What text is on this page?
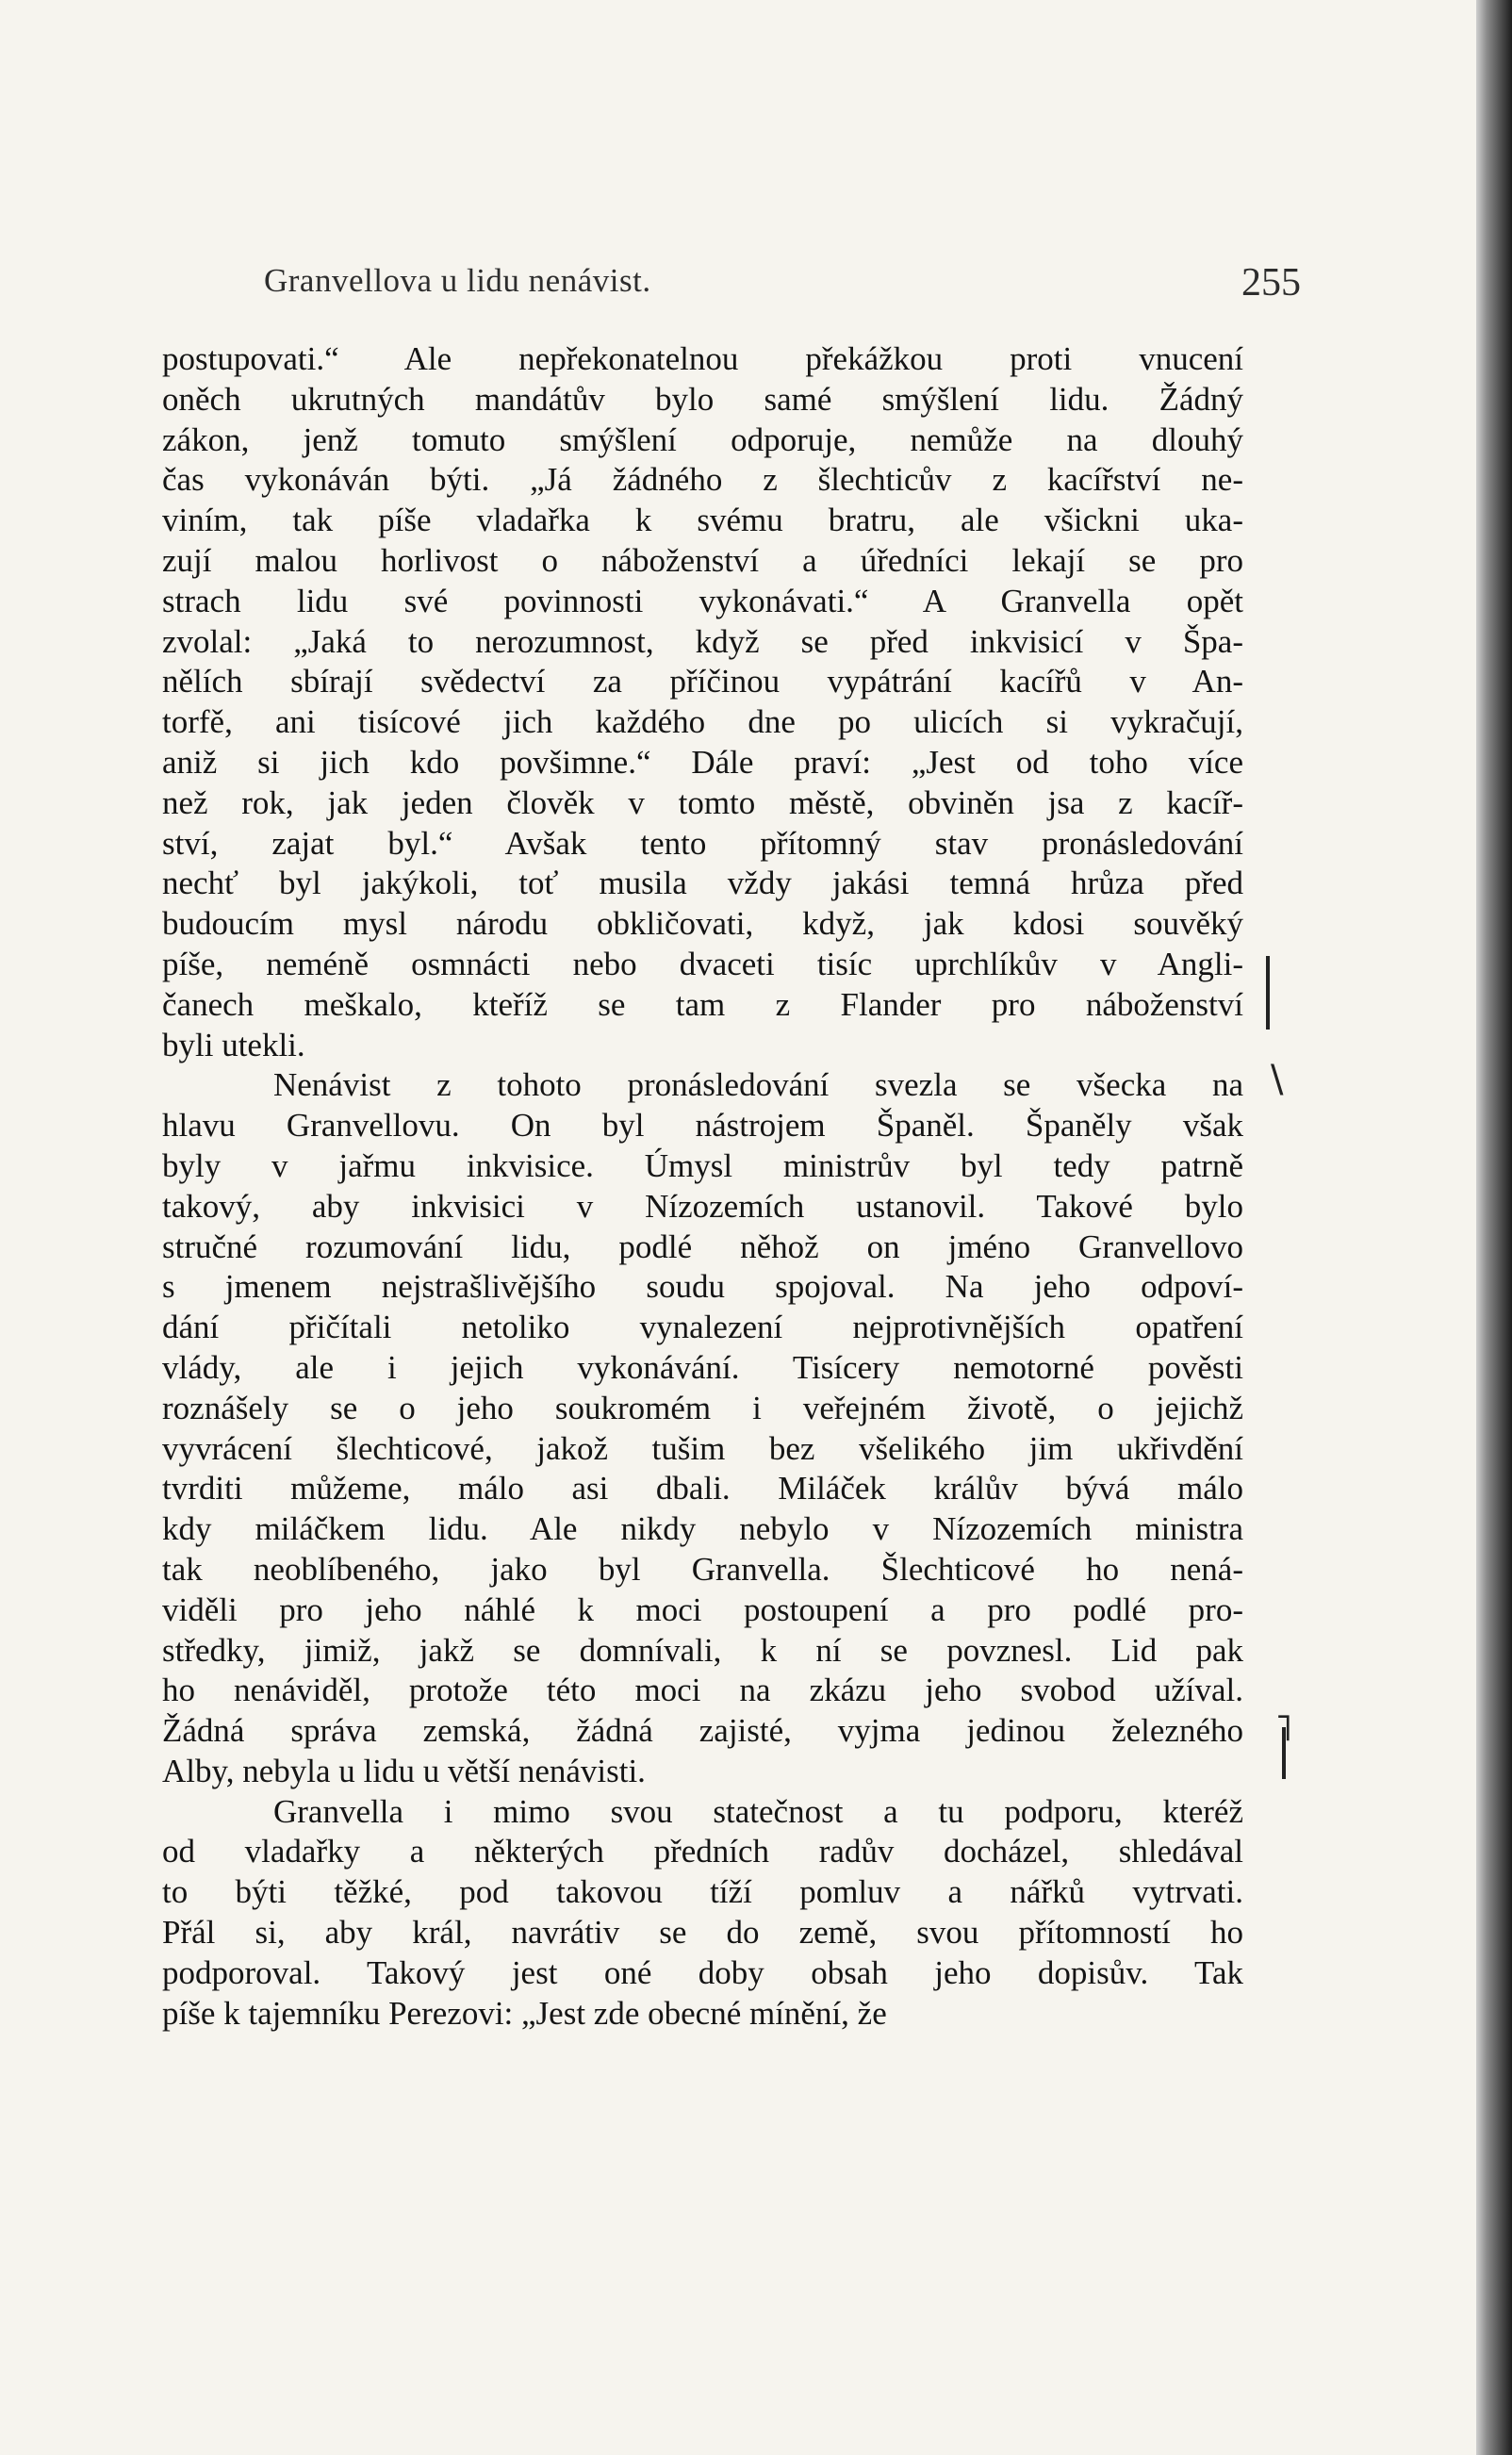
Granvellova u lidu nenávist.	255
postupovati.“ Ale nepřekonatelnou překážkou proti vnucení
oněch ukrutných mandátův bylo samé smýšlení lidu. Žádný
zákon, jenž tomuto smýšlení odporuje, nemůže na dlouhý
čas vykonáván býti. „Já žádného z šlechticův z kacířství ne-
viním, tak píše vladařka k svému bratru, ale všickni uka-
zují malou horlivost o náboženství a úředníci lekají se pro
strach lidu své povinnosti vykonávati.“ A Granvella opět
zvolal: „Jaká to nerozumnost, když se před inkvisicí v Špa-
nělích sbírají svědectví za příčinou vypátrání kacířů v An-
torfě, ani tisícové jich každého dne po ulicích si vykračují,
aniž si jich kdo povšimne.“ Dále praví: „Jest od toho více
než rok, jak jeden člověk v tomto městě, obviněn jsa z kacíř-
ství, zajat byl.“ Avšak tento přítomný stav pronásledování
nechť byl jakýkoli, toť musila vždy jakási temná hrůza před
budoucím mysl národu obkličovati, když, jak kdosi souvěký
píše, neméně osmnácti nebo dvaceti tisíc uprchlíkův v Angli-
čanech meškalo, kteříž se tam z Flander pro náboženství
byli utekli.
Nenávist z tohoto pronásledování svezla se všecka na
hlavu Granvellovu. On byl nástrojem Španěl. Španěly však
byly v jařmu inkvisice. Úmysl ministrův byl tedy patrně
takový, aby inkvisici v Nízozemích ustanovil. Takové bylo
stručné rozumování lidu, podlé něhož on jméno Granvellovo
s jmenem nejstrašlivějšího soudu spojoval. Na jeho odpoví-
dání přičítali netoliko vynalezení nejprotivnějších opatření
vlády, ale i jejich vykonávání. Tisícery nemotorné pověsti
roznášely se o jeho soukromém i veřejném životě, o jejichž
vyvrácení šlechticové, jakož tušim bez všelikého jim ukřivdění
tvrditi můžeme, málo asi dbali. Miláček králův bývá málo
kdy miláčkem lidu. Ale nikdy nebylo v Nízozemích ministra
tak neoblíbeného, jako byl Granvella. Šlechticové ho nená-
viděli pro jeho náhlé k moci postoupení a pro podlé pro-
středky, jimiž, jakž se domnívali, k ní se povznesl. Lid pak
ho nenáviděl, protože této moci na zkázu jeho svobod užíval.
Žádná správa zemská, žádná zajisté, vyjma jedinou železného
Alby, nebyla u lidu u větší nenávisti.
Granvella i mimo svou statečnost a tu podporu, kteréž
od vladařky a některých předních radův docházel, shledával
to býti těžké, pod takovou tíží pomluv a nářků vytrvati.
Přál si, aby král, navrátiv se do země, svou přítomností ho
podporoval. Takový jest oné doby obsah jeho dopisův. Tak
píše k tajemníku Perezovi: „Jest zde obecné mínění, že
\
˥
